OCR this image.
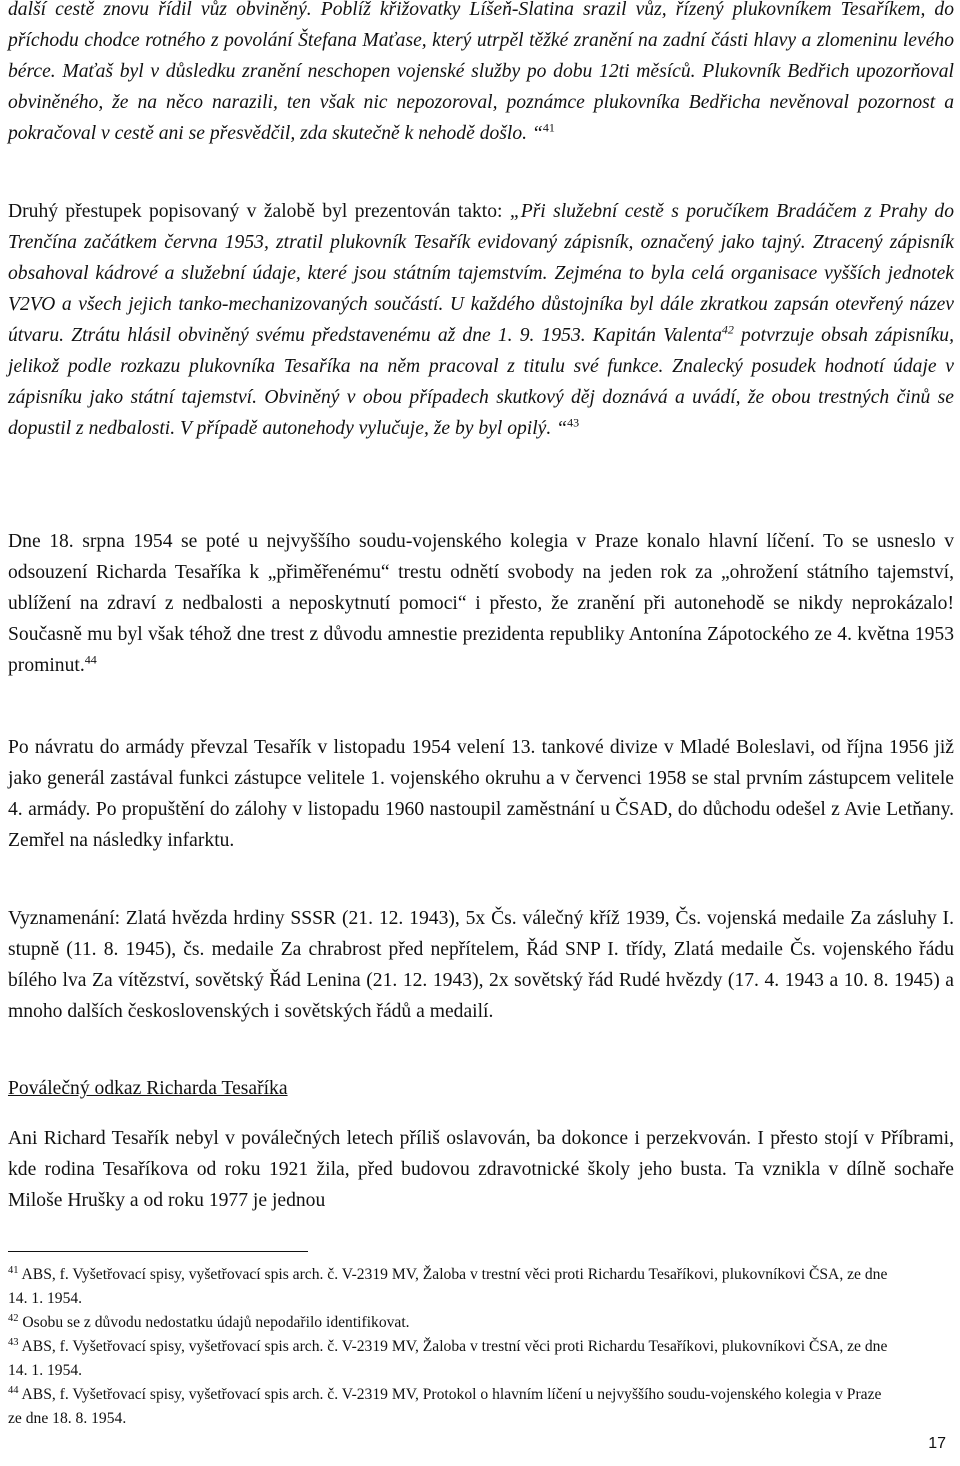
další cestě znovu řídil vůz obviněný. Poblíž křižovatky Líšeň-Slatina srazil vůz, řízený plukovníkem Tesaříkem, do příchodu chodce rotného z povolání Štefana Maťase, který utrpěl těžké zranění na zadní části hlavy a zlomeninu levého bérce. Maťaš byl v důsledku zranění neschopen vojenské služby po dobu 12ti měsíců. Plukovník Bedřich upozorňoval obviněného, že na něco narazili, ten však nic nepozoroval, poznámce plukovníka Bedřicha nevěnoval pozornost a pokračoval v cestě ani se přesvědčil, zda skutečně k nehodě došlo. “$^{41}$

Druhý přestupek popisovaný v žalobě byl prezentován takto: „Při služební cestě s poručíkem Bradáčem z Prahy do Trenčína začátkem června 1953, ztratil plukovník Tesařík evidovaný zápisník, označený jako tajný. Ztracený zápisník obsahoval kádrové a služební údaje, které jsou státním tajemstvím. Zejména to byla celá organisace vyšších jednotek V2VO a všech jejich tanko-mechanizovaných součástí. U každého důstojníka byl dále zkratkou zapsán otevřený název útvaru. Ztrátu hlásil obviněný svému představenému až dne 1. 9. 1953. Kapitán Valenta$^{42}$ potvrzuje obsah zápisníku, jelikož podle rozkazu plukovníka Tesaříka na něm pracoval z titulu své funkce. Znalecký posudek hodnotí údaje v zápisníku jako státní tajemství. Obviněný v obou případech skutkový děj doznává a uvádí, že obou trestných činů se dopustil z nedbalosti. V případě autonehody vylučuje, že by byl opilý. “$^{43}$

Dne 18. srpna 1954 se poté u nejvyššího soudu-vojenského kolegia v Praze konalo hlavní líčení. To se usneslo v odsouzení Richarda Tesaříka k „přiměřenému“ trestu odnětí svobody na jeden rok za „ohrožení státního tajemství, ublížení na zdraví z nedbalosti a neposkytnutí pomoci“ i přesto, že zranění při autonehodě se nikdy neprokázalo! Současně mu byl však téhož dne trest z důvodu amnestie prezidenta republiky Antonína Zápotockého ze 4. května 1953 prominut.$^{44}$

Po návratu do armády převzal Tesařík v listopadu 1954 velení 13. tankové divize v Mladé Boleslavi, od října 1956 již jako generál zastával funkci zástupce velitele 1. vojenského okruhu a v červenci 1958 se stal prvním zástupcem velitele 4. armády. Po propuštění do zálohy v listopadu 1960 nastoupil zaměstnání u ČSAD, do důchodu odešel z Avie Letňany. Zemřel na následky infarktu.

Vyznamenání: Zlatá hvězda hrdiny SSSR (21. 12. 1943), 5x Čs. válečný kříž 1939, Čs. vojenská medaile Za zásluhy I. stupně (11. 8. 1945), čs. medaile Za chrabrost před nepřítelem, Řád SNP I. třídy, Zlatá medaile Čs. vojenského řádu bílého lva Za vítězství, sovětský Řád Lenina (21. 12. 1943), 2x sovětský řád Rudé hvězdy (17. 4. 1943 a 10. 8. 1945) a mnoho dalších československých i sovětských řádů a medailí.

Poválečný odkaz Richarda Tesaříka

Ani Richard Tesařík nebyl v poválečných letech příliš oslavován, ba dokonce i perzekvován. I přesto stojí v Příbrami, kde rodina Tesaříkova od roku 1921 žila, před budovou zdravotnické školy jeho busta. Ta vznikla v dílně sochaře Miloše Hrušky a od roku 1977 je jednou

$^{41}$ ABS, f. Vyšetřovací spisy, vyšetřovací spis arch. č. V-2319 MV, Žaloba v trestní věci proti Richardu Tesaříkovi, plukovníkovi ČSA, ze dne 14. 1. 1954.

$^{42}$ Osobu se z důvodu nedostatku údajů nepodařilo identifikovat.

$^{43}$ ABS, f. Vyšetřovací spisy, vyšetřovací spis arch. č. V-2319 MV, Žaloba v trestní věci proti Richardu Tesaříkovi, plukovníkovi ČSA, ze dne 14. 1. 1954.

$^{44}$ ABS, f. Vyšetřovací spisy, vyšetřovací spis arch. č. V-2319 MV, Protokol o hlavním líčení u nejvyššího soudu-vojenského kolegia v Praze ze dne 18. 8. 1954.

17
